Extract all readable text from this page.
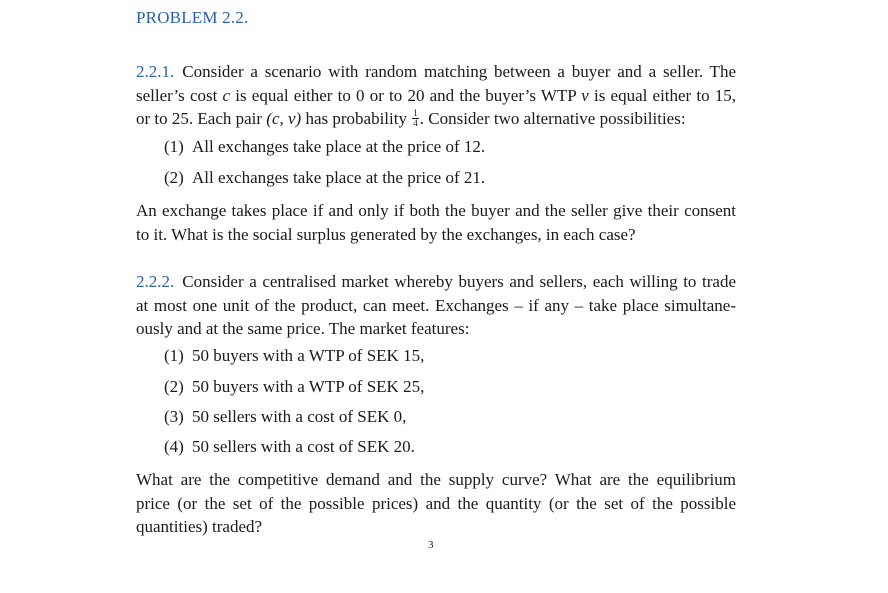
PROBLEM 2.2.
2.2.1. Consider a scenario with random matching between a buyer and a seller. The
seller’s cost c is equal either to 0 or to 20 and the buyer’s WTP v is equal either to 15,
or to 25. Each pair (c, v) has probability $\frac{1}{4}$ . Consider two alternative possibilities:
(1) All exchanges take place at the price of 12.
(2) All exchanges take place at the price of 21.
An exchange takes place if and only if both the buyer and the seller give their consent
to it. What is the social surplus generated by the exchanges, in each case?
2.2.2. Consider a centralised market whereby buyers and sellers, each willing to trade
at most one unit of the product, can meet. Exchanges – if any – take place simultane-
ously and at the same price. The market features:
(1) 50 buyers with a WTP of SEK 15,
(2) 50 buyers with a WTP of SEK 25,
(3) 50 sellers with a cost of SEK 0,
(4) 50 sellers with a cost of SEK 20.
What are the competitive demand and the supply curve? What are the equilibrium
price (or the set of the possible prices) and the quantity (or the set of the possible
quantities) traded?
3
